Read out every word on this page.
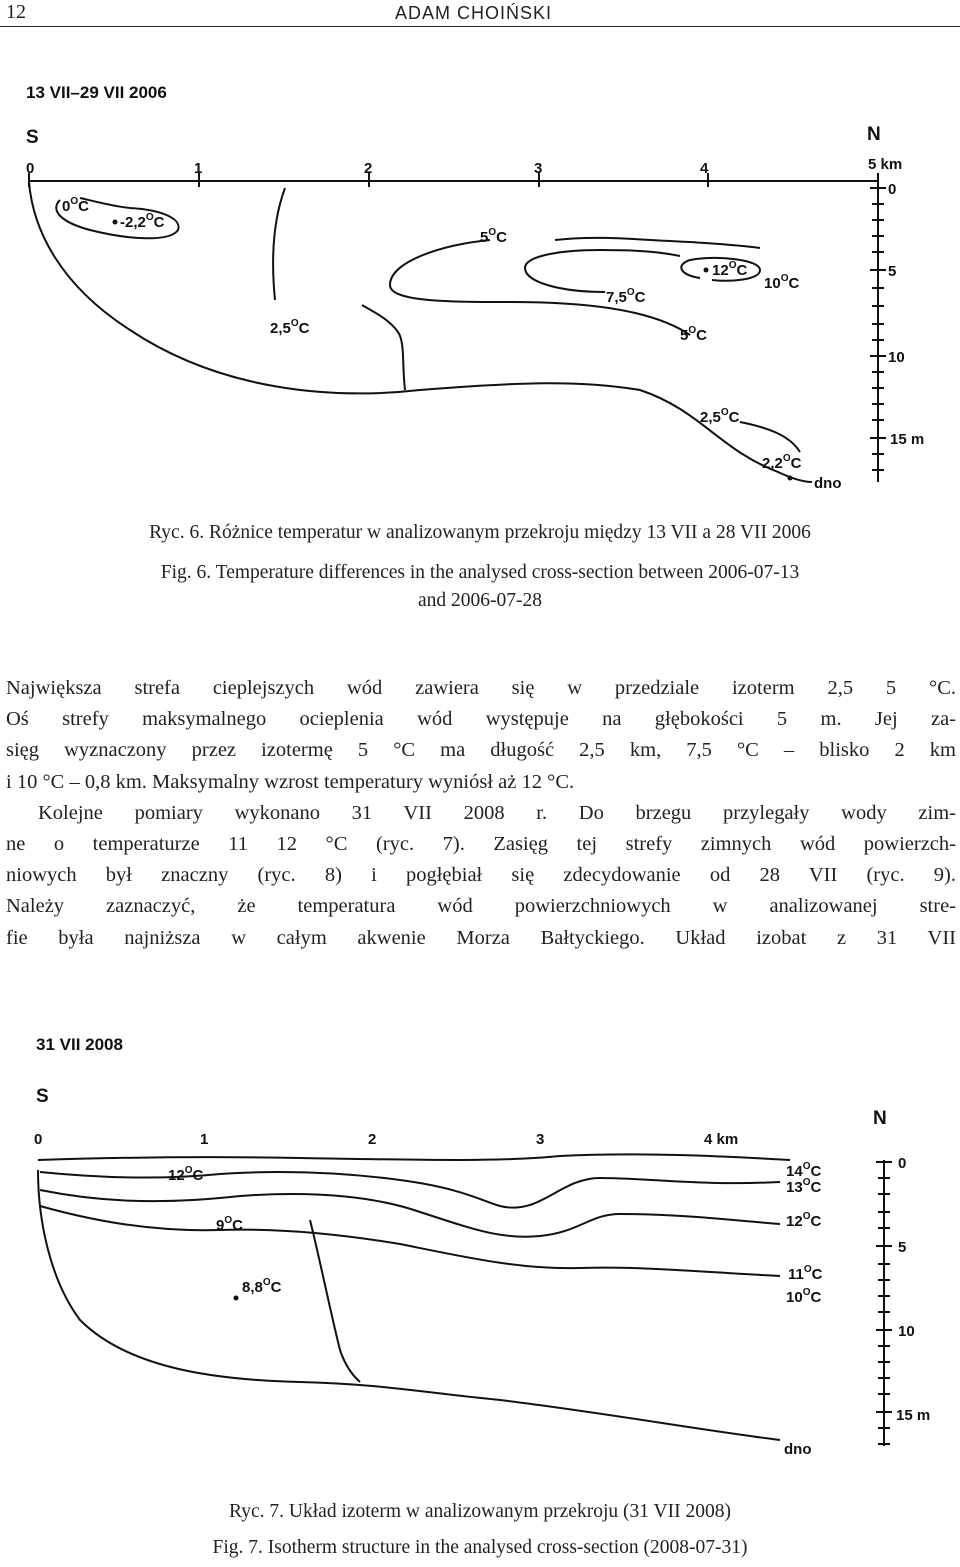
12	ADAM CHOIŃSKI
13 VII–29 VII 2006
S	N
0	1	2	3	4	5 km
0
5
10
15 m
$0^OC$
$-2,2^OC$
$5^OC$
$12^OC$
$10^OC$
$7,5^OC$
$2,5^OC$	$5^OC$
$2,5^OC$
$2,2^OC$
dno
Ryc. 6. Różnice temperatur w analizowanym przekroju między 13 VII a 28 VII 2006
Fig. 6. Temperature differences in the analysed cross-section between 2006-07-13
and 2006-07-28
Największa strefa cieplejszych wód zawiera się w przedziale izoterm 2,5 5 °C.
Oś strefy maksymalnego ocieplenia wód występuje na głębokości 5 m. Jej za-
sięg wyznaczony przez izotermę 5 °C ma długość 2,5 km, 7,5 °C – blisko 2 km
i 10 °C – 0,8 km. Maksymalny wzrost temperatury wyniósł aż 12 °C.
Kolejne pomiary wykonano 31 VII 2008 r. Do brzegu przylegały wody zim-
ne o temperaturze 11 12 °C (ryc. 7). Zasięg tej strefy zimnych wód powierzch-
niowych był znaczny (ryc. 8) i pogłębiał się zdecydowanie od 28 VII (ryc. 9).
Należy zaznaczyć, że temperatura wód powierzchniowych w analizowanej stre-
fie była najniższa w całym akwenie Morza Bałtyckiego. Układ izobat z 31 VII
31 VII 2008
S
N
0	1	2	3	4 km
0
5
10
15 m
$12^OC$
$9^OC$
$8,8^OC$
$14^OC$
$13^OC$
$12^OC$
$11^OC$
$10^OC$
dno
Ryc. 7. Układ izoterm w analizowanym przekroju (31 VII 2008)
Fig. 7. Isotherm structure in the analysed cross-section (2008-07-31)
